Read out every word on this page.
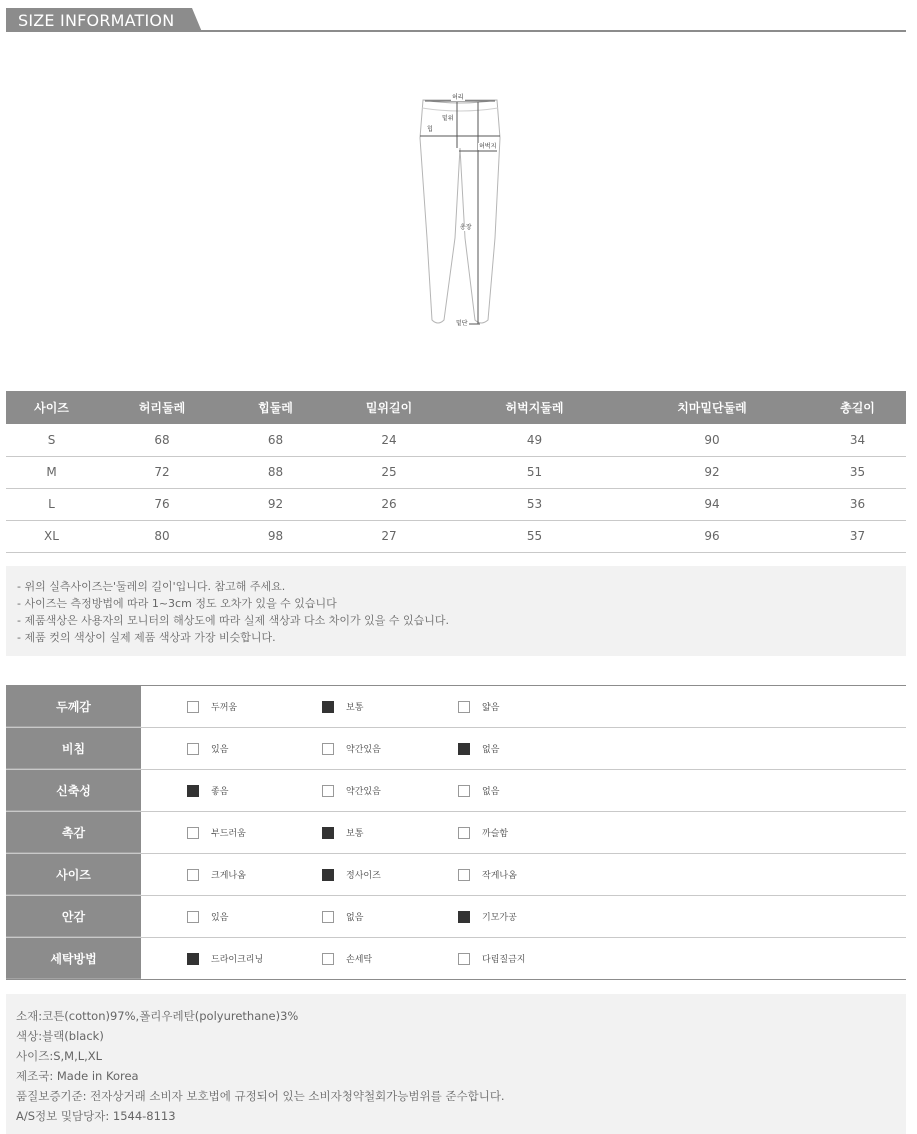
SIZE INFORMATION
허리
밑위
힙
허벅지
총장
밑단
사이즈	허리둘레	힙둘레	밑위길이	허벅지둘레	치마밑단둘레	총길이
S	68	68	24	49	90	34
M	72	88	25	51	92	35
L	76	92	26	53	94	36
XL	80	98	27	55	96	37
- 위의 실측사이즈는'둘레의 길이'입니다. 참고해 주세요.
- 사이즈는 측정방법에 따라 1~3cm 정도 오차가 있을 수 있습니다
- 제품색상은 사용자의 모니터의 해상도에 따라 실제 색상과 다소 차이가 있을 수 있습니다.
- 제품 컷의 색상이 실제 제품 색상과 가장 비슷합니다.
두께감	두꺼움	보통	얇음
비침	있음	약간있음	없음
신축성	좋음	약간있음	없음
촉감	부드러움	보통	까슬함
사이즈	크게나옴	정사이즈	작게나옴
안감	있음	없음	기모가공
세탁방법	드라이크리닝	손세탁	다림질금지
소재:코튼(cotton)97%,폴리우레탄(polyurethane)3%
색상:블랙(black)
사이즈:S,M,L,XL
제조국: Made in Korea
품질보증기준: 전자상거래 소비자 보호법에 규정되어 있는 소비자청약철회가능범위를 준수합니다.
A/S정보 및담당자: 1544-8113
